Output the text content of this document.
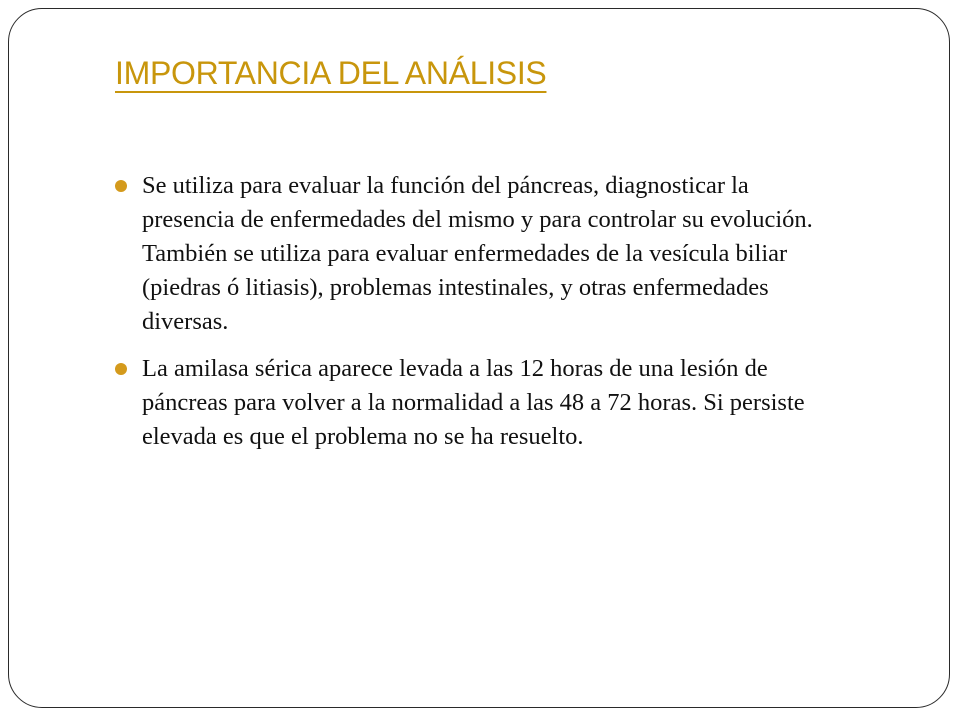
IMPORTANCIA DEL ANÁLISIS
Se utiliza para evaluar la función del páncreas, diagnosticar la presencia de enfermedades del mismo y para controlar su evolución. También se utiliza para evaluar enfermedades de la vesícula biliar (piedras ó litiasis), problemas intestinales, y otras enfermedades diversas.
La amilasa sérica aparece levada a las 12 horas de una lesión de páncreas para volver a la normalidad a las 48 a 72 horas. Si persiste elevada es que el problema no se ha resuelto.
